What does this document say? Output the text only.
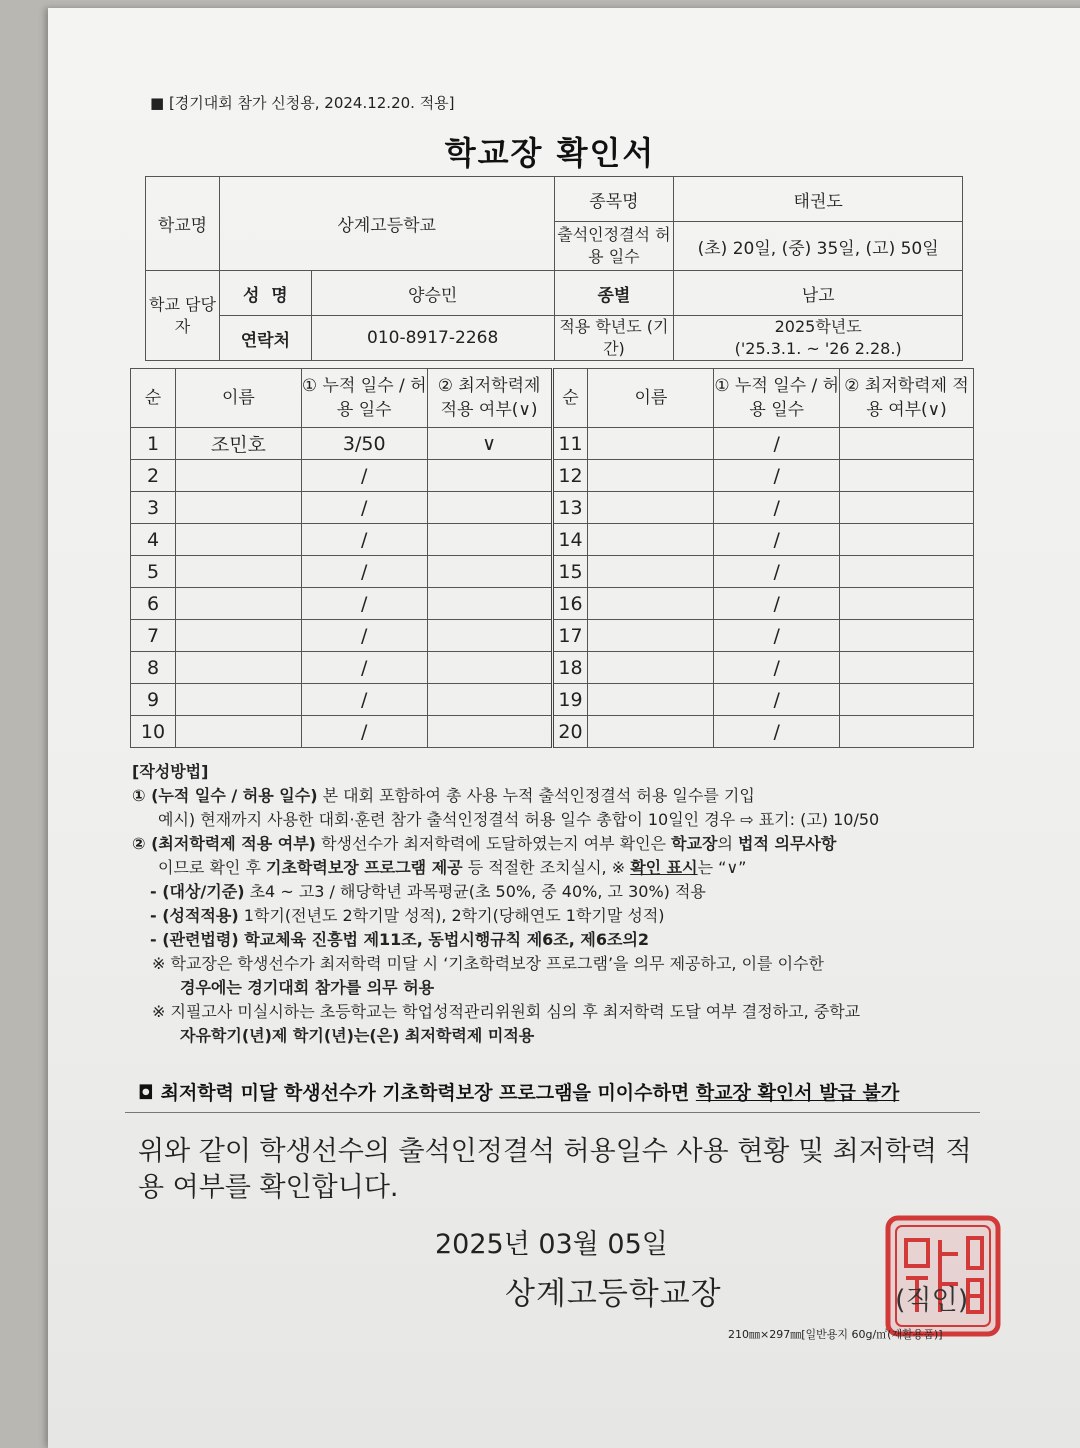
■ [경기대회 참가 신청용, 2024.12.20. 적용]
학교장 확인서
학교명	상계고등학교		종목명	태권도
			출석인정결석 허용 일수	(초) 20일, (중) 35일, (고) 50일
학교 담당자	성  명	양승민	종별	남고
	연락처	010-8917-2268	적용 학년도 (기간)	2025학년도
('25.3.1. ~ '26 2.28.)
순	이름	① 누적 일수 / 허용 일수	② 최저학력제 적용 여부(∨)	순	이름	① 누적 일수 / 허용 일수	② 최저학력제 적용 여부(∨)
1	조민호	3/50	∨	11		/	
2		/		12		/	
3		/		13		/	
4		/		14		/	
5		/		15		/	
6		/		16		/	
7		/		17		/	
8		/		18		/	
9		/		19		/	
10		/		20		/	
[작성방법]
① (누적 일수 / 허용 일수) 본 대회 포함하여 총 사용 누적 출석인정결석 허용 일수를 기입
예시) 현재까지 사용한 대회·훈련 참가 출석인정결석 허용 일수 총합이 10일인 경우 ⇨ 표기: (고) 10/50
② (최저학력제 적용 여부) 학생선수가 최저학력에 도달하였는지 여부 확인은 학교장의 법적 의무사항
이므로 확인 후 기초학력보장 프로그램 제공 등 적절한 조치실시, ※ 확인 표시는 “∨”
- (대상/기준) 초4 ~ 고3 / 해당학년 과목평균(초 50%, 중 40%, 고 30%) 적용
- (성적적용) 1학기(전년도 2학기말 성적), 2학기(당해연도 1학기말 성적)
- (관련법령) 학교체육 진흥법 제11조, 동법시행규칙 제6조, 제6조의2
※ 학교장은 학생선수가 최저학력 미달 시 ‘기초학력보장 프로그램’을 의무 제공하고, 이를 이수한
경우에는 경기대회 참가를 의무 허용
※ 지필고사 미실시하는 초등학교는 학업성적관리위원회 심의 후 최저학력 도달 여부 결정하고, 중학교
자유학기(년)제 학기(년)는(은) 최저학력제 미적용
◘ 최저학력 미달 학생선수가 기초학력보장 프로그램을 미이수하면 학교장 확인서 발급 불가
위와 같이 학생선수의 출석인정결석 허용일수 사용 현황 및 최저학력 적용 여부를 확인합니다.
2025년 03월 05일
상계고등학교장	(직인)
210㎜×297㎜[일반용지 60g/㎡(재활용품)]
